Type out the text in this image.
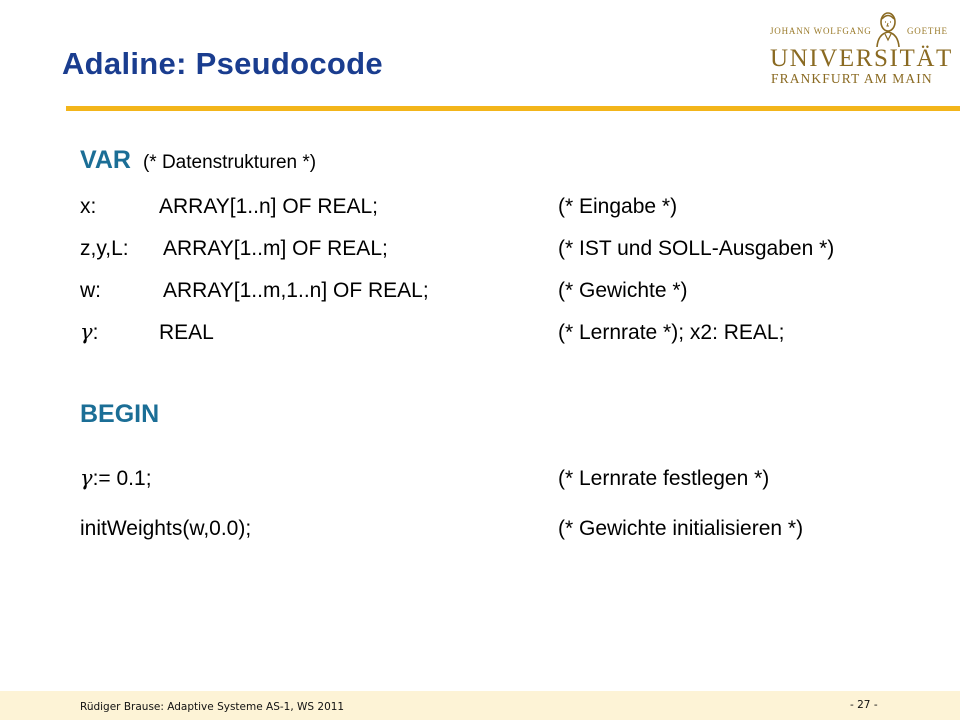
Adaline: Pseudocode
JOHANN WOLFGANG	GOETHE
UNIVERSITÄT
FRANKFURT AM MAIN
VAR (* Datenstrukturen *)
x:	ARRAY[1..n] OF REAL;	(* Eingabe *)
z,y,L: ARRAY[1..m] OF REAL;	(* IST und SOLL-Ausgaben *)
w:	ARRAY[1..m,1..n] OF REAL;	(* Gewichte *)
γ:	REAL	(* Lernrate *); x2: REAL;
BEGIN
γ:= 0.1;	(* Lernrate festlegen *)
initWeights(w,0.0);	(* Gewichte initialisieren *)
Rüdiger Brause: Adaptive Systeme AS-1, WS 2011	- 27 -
